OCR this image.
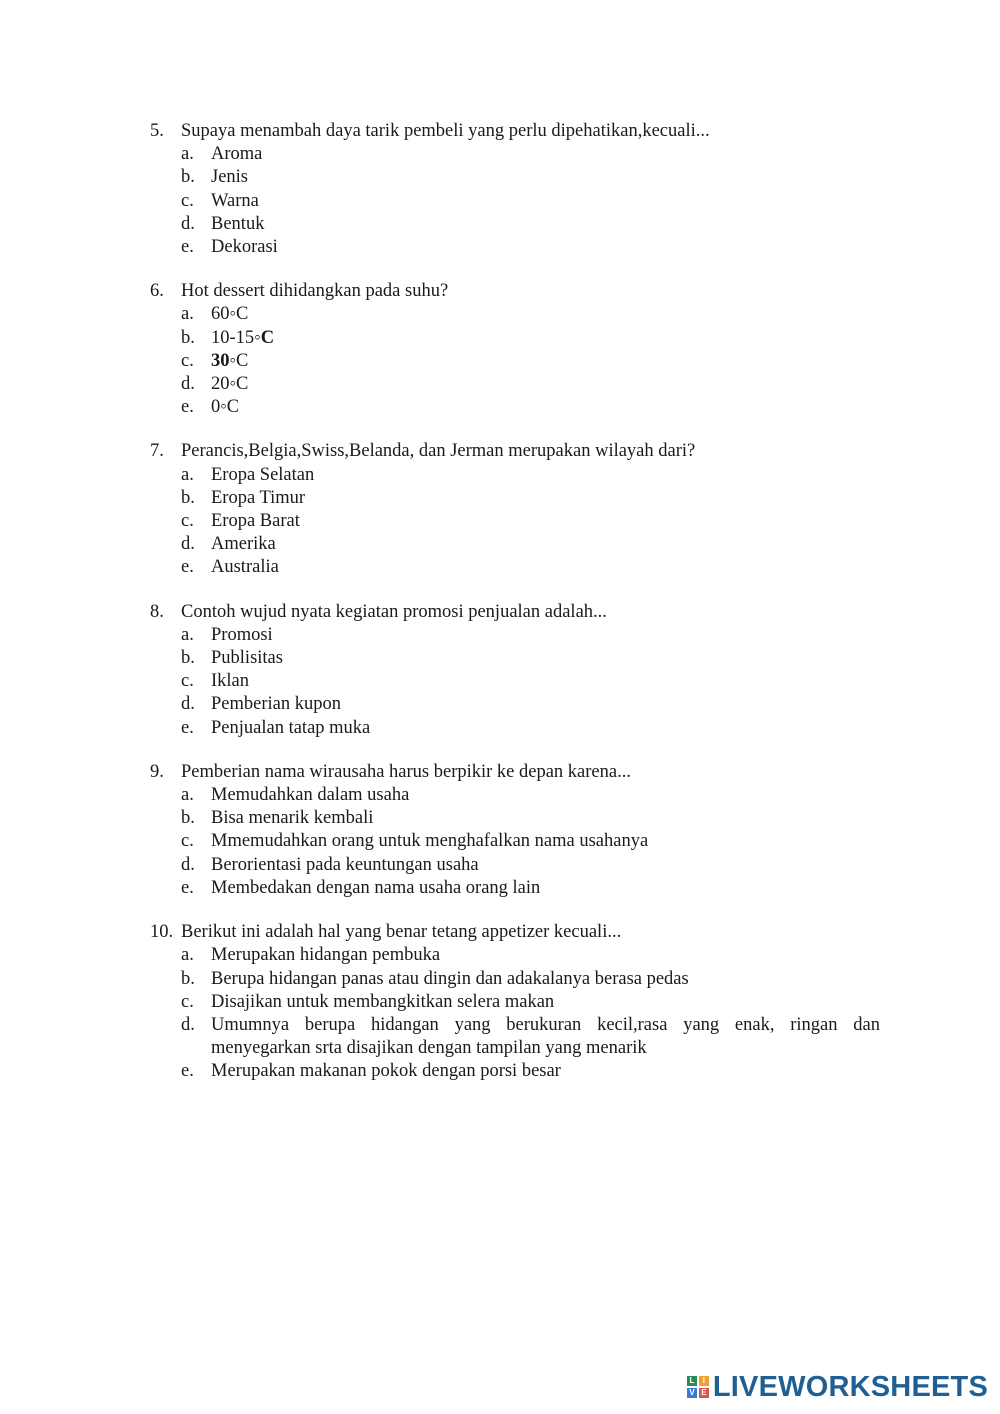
5. Supaya menambah daya tarik pembeli yang perlu dipehatikan,kecuali...
a. Aroma
b. Jenis
c. Warna
d. Bentuk
e. Dekorasi
6. Hot dessert dihidangkan pada suhu?
a. 60◦C
b. 10-15◦C
c. 30◦C
d. 20◦C
e. 0◦C
7. Perancis,Belgia,Swiss,Belanda, dan Jerman merupakan wilayah dari?
a. Eropa Selatan
b. Eropa Timur
c. Eropa Barat
d. Amerika
e. Australia
8. Contoh wujud nyata kegiatan promosi penjualan adalah...
a. Promosi
b. Publisitas
c. Iklan
d. Pemberian kupon
e. Penjualan tatap muka
9. Pemberian nama wirausaha harus berpikir ke depan karena...
a. Memudahkan dalam usaha
b. Bisa menarik kembali
c. Mmemudahkan orang untuk menghafalkan nama usahanya
d. Berorientasi pada keuntungan usaha
e. Membedakan dengan nama usaha orang lain
10. Berikut ini adalah hal yang benar tetang appetizer kecuali...
a. Merupakan hidangan pembuka
b. Berupa hidangan panas atau dingin dan adakalanya berasa pedas
c. Disajikan untuk membangkitkan selera makan
d. Umumnya berupa hidangan yang berukuran kecil,rasa yang enak, ringan dan menyegarkan srta disajikan dengan tampilan yang menarik
e. Merupakan makanan pokok dengan porsi besar
L	I
V E LIVEWORKSHEETS
